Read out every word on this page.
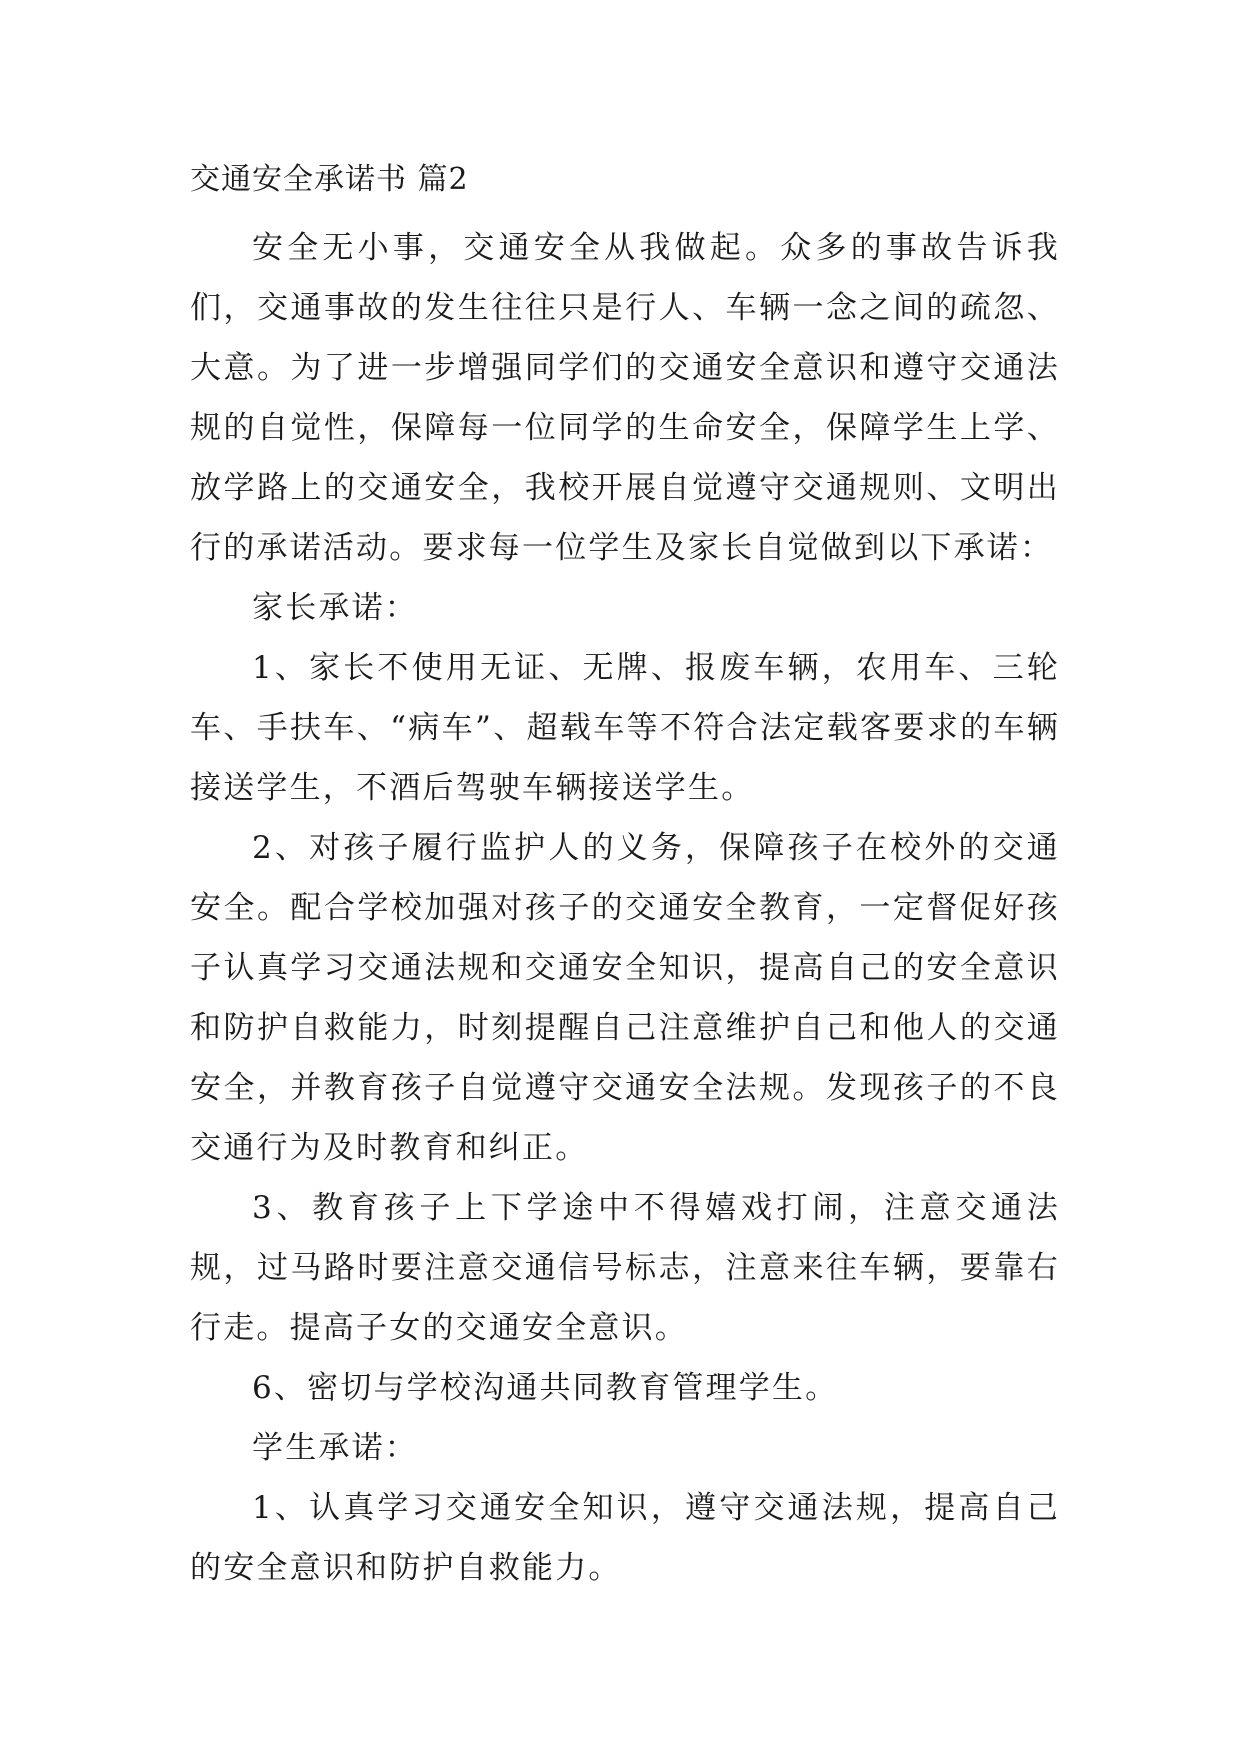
交通安全承诺书 篇2

安全无小事，交通安全从我做起。众多的事故告诉我们，交通事故的发生往往只是行人、车辆一念之间的疏忽、大意。为了进一步增强同学们的交通安全意识和遵守交通法规的自觉性，保障每一位同学的生命安全，保障学生上学、放学路上的交通安全，我校开展自觉遵守交通规则、文明出行的承诺活动。要求每一位学生及家长自觉做到以下承诺：

家长承诺：

1、家长不使用无证、无牌、报废车辆，农用车、三轮车、手扶车、“病车”、超载车等不符合法定载客要求的车辆接送学生，不酒后驾驶车辆接送学生。

2、对孩子履行监护人的义务，保障孩子在校外的交通安全。配合学校加强对孩子的交通安全教育，一定督促好孩子认真学习交通法规和交通安全知识，提高自己的安全意识和防护自救能力，时刻提醒自己注意维护自己和他人的交通安全，并教育孩子自觉遵守交通安全法规。发现孩子的不良交通行为及时教育和纠正。

3、教育孩子上下学途中不得嬉戏打闹，注意交通法规，过马路时要注意交通信号标志，注意来往车辆，要靠右行走。提高子女的交通安全意识。

6、密切与学校沟通共同教育管理学生。

学生承诺：

1、认真学习交通安全知识，遵守交通法规，提高自己的安全意识和防护自救能力。
